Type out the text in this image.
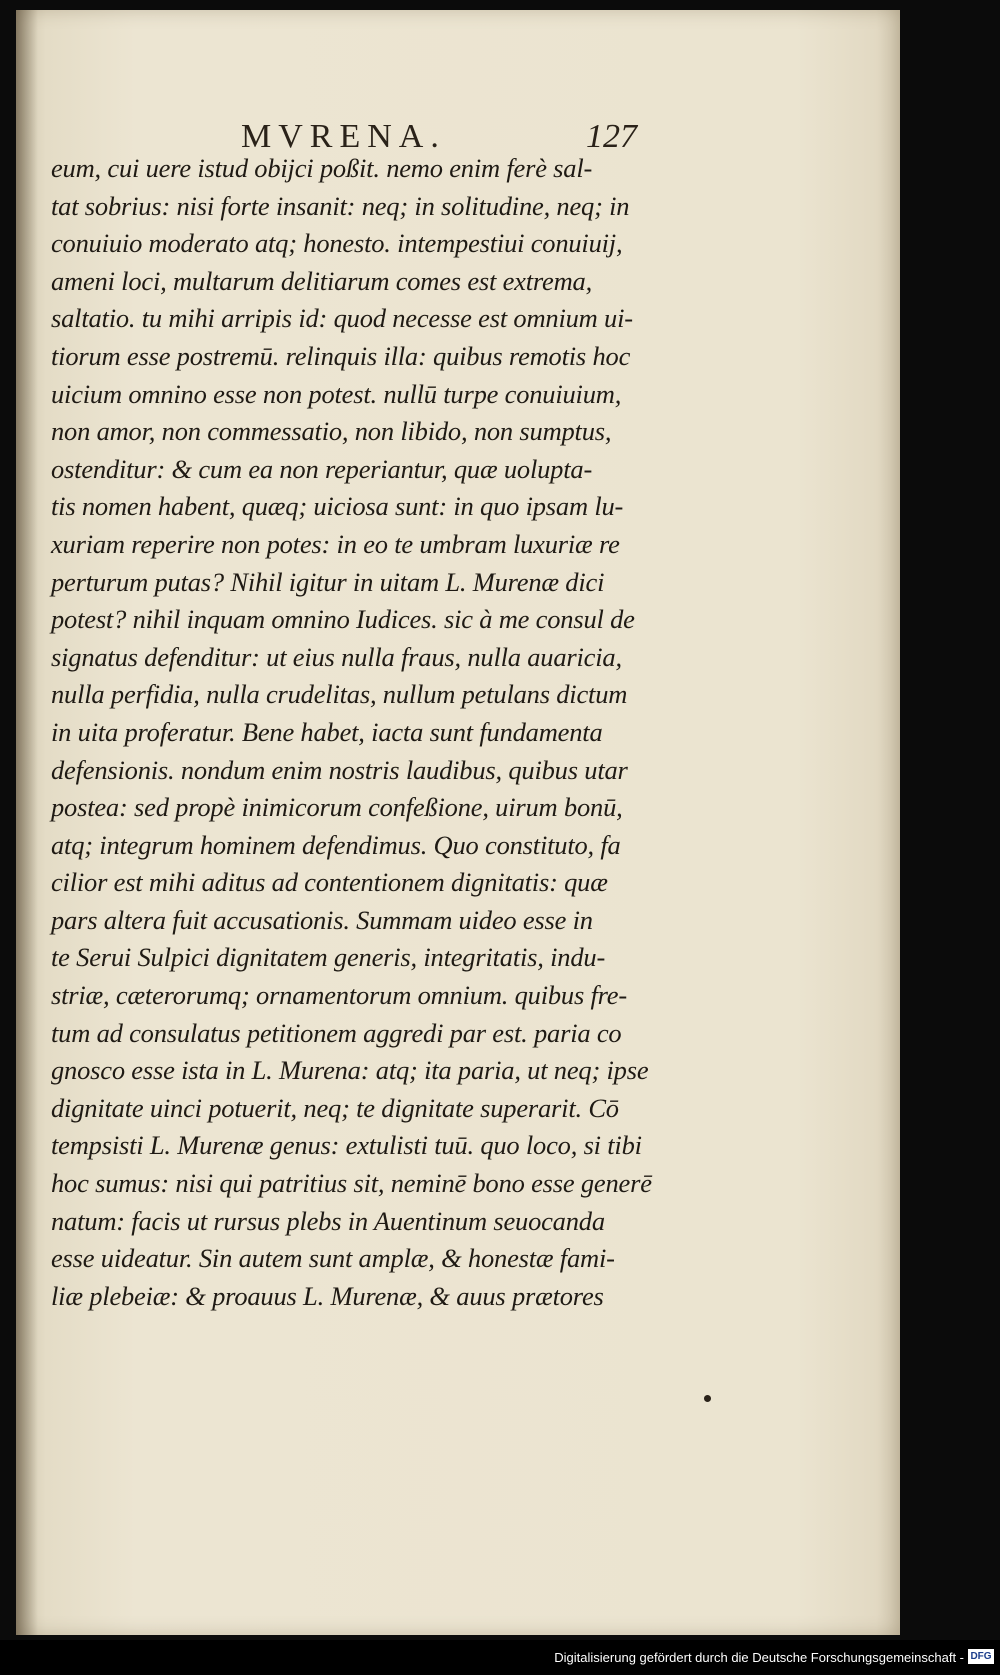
MVRENA.	127
eum, cui uere istud obijci poßit. nemo enim ferè sal-
tat sobrius: nisi forte insanit: neq; in solitudine, neq; in
conuiuio moderato atq; honesto. intempestiui conuiuij,
ameni loci, multarum delitiarum comes est extrema,
saltatio. tu mihi arripis id: quod necesse est omnium ui-
tiorum esse postremū. relinquis illa: quibus remotis hoc
uicium omnino esse non potest. nullū turpe conuiuium,
non amor, non commessatio, non libido, non sumptus,
ostenditur: & cum ea non reperiantur, quæ uolupta-
tis nomen habent, quæq; uiciosa sunt: in quo ipsam lu-
xuriam reperire non potes: in eo te umbram luxuriæ re
perturum putas? Nihil igitur in uitam L. Murenæ dici
potest? nihil inquam omnino Iudices. sic à me consul de
signatus defenditur: ut eius nulla fraus, nulla auaricia,
nulla perfidia, nulla crudelitas, nullum petulans dictum
in uita proferatur. Bene habet, iacta sunt fundamenta
defensionis. nondum enim nostris laudibus, quibus utar
postea: sed propè inimicorum confeßione, uirum bonū,
atq; integrum hominem defendimus. Quo constituto, fa
cilior est mihi aditus ad contentionem dignitatis: quæ
pars altera fuit accusationis. Summam uideo esse in
te Serui Sulpici dignitatem generis, integritatis, indu-
striæ, cæterorumq; ornamentorum omnium. quibus fre-
tum ad consulatus petitionem aggredi par est. paria co
gnosco esse ista in L. Murena: atq; ita paria, ut neq; ipse
dignitate uinci potuerit, neq; te dignitate superarit. Cō
tempsisti L. Murenæ genus: extulisti tuū. quo loco, si tibi
hoc sumus: nisi qui patritius sit, neminē bono esse generē
natum: facis ut rursus plebs in Auentinum seuocanda
esse uideatur. Sin autem sunt amplæ, & honestæ fami-
liæ plebeiæ: & proauus L. Murenæ, & auus prætores
Digitalisierung gefördert durch die Deutsche Forschungsgemeinschaft - DFG
